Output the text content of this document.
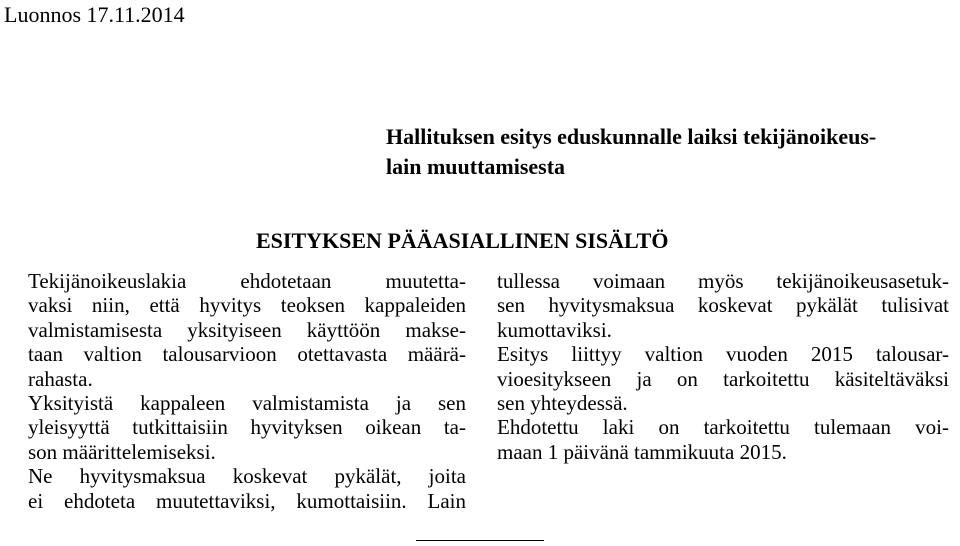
Luonnos 17.11.2014
Hallituksen esitys eduskunnalle laiksi tekijänoikeus-
lain muuttamisesta
ESITYKSEN PÄÄASIALLINEN SISÄLTÖ
Tekijänoikeuslakia ehdotetaan muutetta-
vaksi niin, että hyvitys teoksen kappaleiden
valmistamisesta yksityiseen käyttöön makse-
taan valtion talousarvioon otettavasta määrä-
rahasta.
Yksityistä kappaleen valmistamista ja sen
yleisyyttä tutkittaisiin hyvityksen oikean ta-
son määrittelemiseksi.
Ne hyvitysmaksua koskevat pykälät, joita
ei ehdoteta muutettaviksi, kumottaisiin. Lain
tullessa voimaan myös tekijänoikeusasetuk-
sen hyvitysmaksua koskevat pykälät tulisivat
kumottaviksi.
Esitys liittyy valtion vuoden 2015 talousar-
vioesitykseen ja on tarkoitettu käsiteltäväksi
sen yhteydessä.
Ehdotettu laki on tarkoitettu tulemaan voi-
maan 1 päivänä tammikuuta 2015.
